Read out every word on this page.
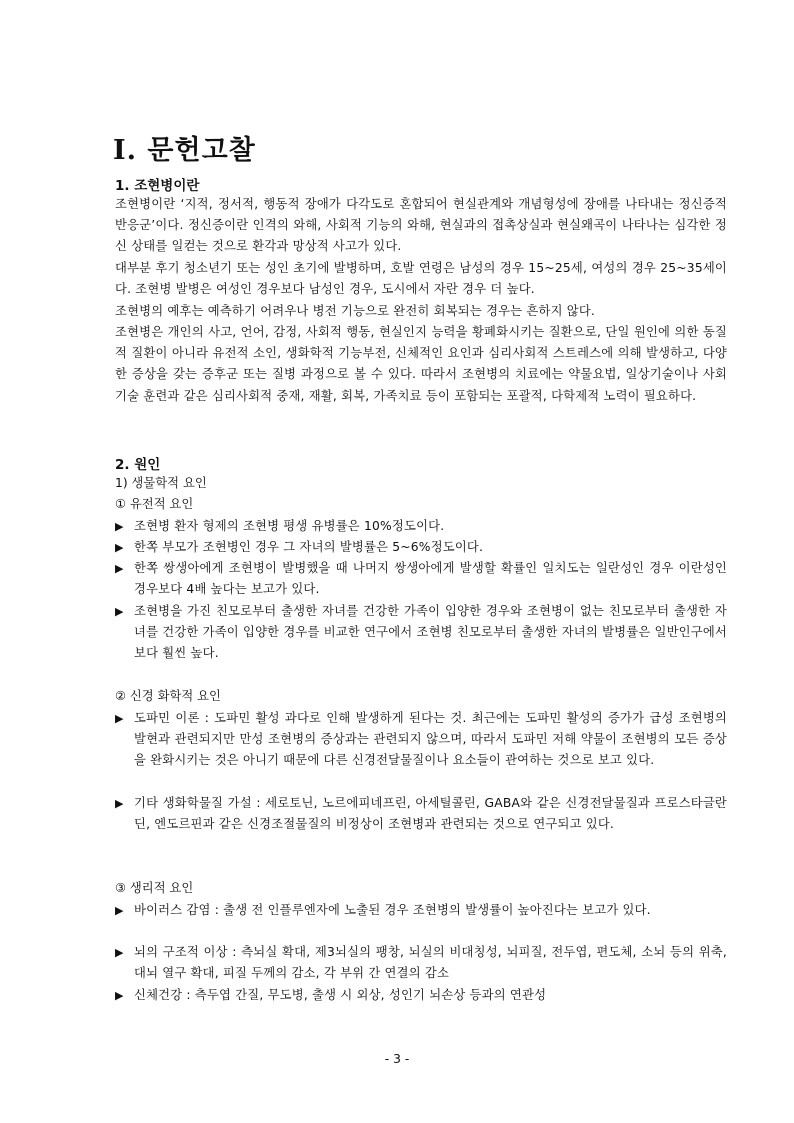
I. 문헌고찰
1. 조현병이란

조현병이란 ‘지적, 정서적, 행동적 장애가 다각도로 혼합되어 현실관계와 개념형성에 장애를 나타내는 정신증적 반응군’이다. 정신증이란 인격의 와해, 사회적 기능의 와해, 현실과의 접촉상실과 현실왜곡이 나타나는 심각한 정신 상태를 일컫는 것으로 환각과 망상적 사고가 있다.

대부분 후기 청소년기 또는 성인 초기에 발병하며, 호발 연령은 남성의 경우 15~25세, 여성의 경우 25~35세이다. 조현병 발병은 여성인 경우보다 남성인 경우, 도시에서 자란 경우 더 높다.

조현병의 예후는 예측하기 어려우나 병전 기능으로 완전히 회복되는 경우는 흔하지 않다.

조현병은 개인의 사고, 언어, 감정, 사회적 행동, 현실인지 능력을 황폐화시키는 질환으로, 단일 원인에 의한 동질적 질환이 아니라 유전적 소인, 생화학적 기능부전, 신체적인 요인과 심리사회적 스트레스에 의해 발생하고, 다양한 증상을 갖는 증후군 또는 질병 과정으로 볼 수 있다. 따라서 조현병의 치료에는 약물요법, 일상기술이나 사회기술 훈련과 같은 심리사회적 중재, 재활, 회복, 가족치료 등이 포함되는 포괄적, 다학제적 노력이 필요하다.

2. 원인
1) 생물학적 요인
① 유전적 요인
▶ 조현병 환자 형제의 조현병 평생 유병률은 10%정도이다.
▶ 한쪽 부모가 조현병인 경우 그 자녀의 발병률은 5~6%정도이다.
▶ 한쪽 쌍생아에게 조현병이 발병했을 때 나머지 쌍생아에게 발생할 확률인 일치도는 일란성인 경우 이란성인 경우보다 4배 높다는 보고가 있다.
▶ 조현병을 가진 친모로부터 출생한 자녀를 건강한 가족이 입양한 경우와 조현병이 없는 친모로부터 출생한 자녀를 건강한 가족이 입양한 경우를 비교한 연구에서 조현병 친모로부터 출생한 자녀의 발병률은 일반인구에서보다 훨씬 높다.
② 신경 화학적 요인
▶ 도파민 이론 : 도파민 활성 과다로 인해 발생하게 된다는 것. 최근에는 도파민 활성의 증가가 급성 조현병의 발현과 관련되지만 만성 조현병의 증상과는 관련되지 않으며, 따라서 도파민 저해 약물이 조현병의 모든 증상을 완화시키는 것은 아니기 때문에 다른 신경전달물질이나 요소들이 관여하는 것으로 보고 있다.
▶ 기타 생화학물질 가설 : 세로토닌, 노르에피네프린, 아세틸콜린, GABA와 같은 신경전달물질과 프로스타글란딘, 엔도르핀과 같은 신경조절물질의 비정상이 조현병과 관련되는 것으로 연구되고 있다.
③ 생리적 요인
▶ 바이러스 감염 : 출생 전 인플루엔자에 노출된 경우 조현병의 발생률이 높아진다는 보고가 있다.
▶ 뇌의 구조적 이상 : 측뇌실 확대, 제3뇌실의 팽창, 뇌실의 비대칭성, 뇌피질, 전두엽, 편도체, 소뇌 등의 위축, 대뇌 열구 확대, 피질 두께의 감소, 각 부위 간 연결의 감소
▶ 신체건강 : 측두엽 간질, 무도병, 출생 시 외상, 성인기 뇌손상 등과의 연관성
- 3 -
